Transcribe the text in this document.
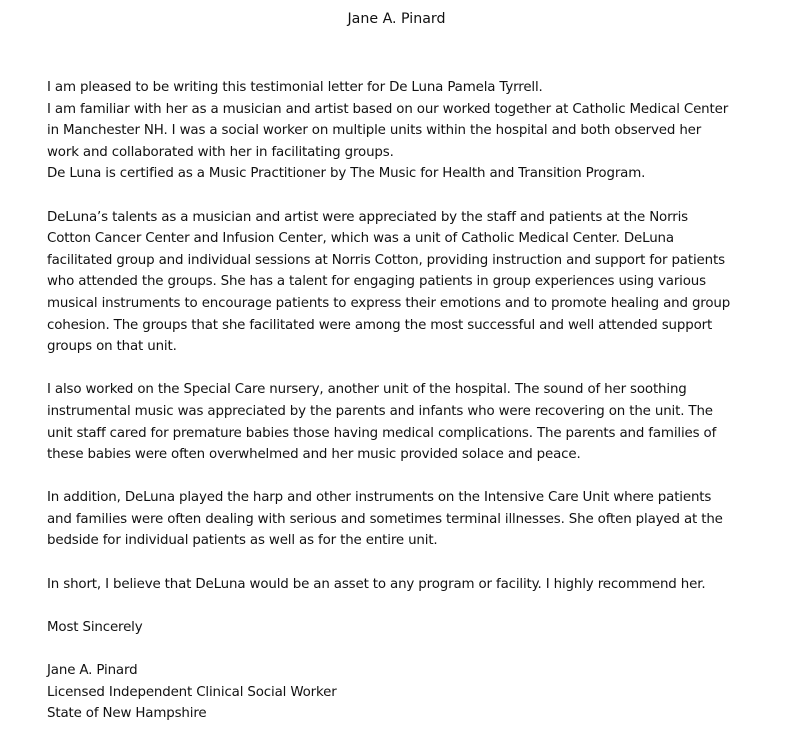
Jane A. Pinard
I am pleased to be writing this testimonial letter for De Luna Pamela Tyrrell.
I am familiar with her as a musician and artist based on our worked together at Catholic Medical Center
in Manchester NH. I was a social worker on multiple units within the hospital and both observed her
work and collaborated with her in facilitating groups.
De Luna is certified as a Music Practitioner by The Music for Health and Transition Program.
DeLuna’s talents as a musician and artist were appreciated by the staff and patients at the Norris
Cotton Cancer Center and Infusion Center, which was a unit of Catholic Medical Center. DeLuna
facilitated group and individual sessions at Norris Cotton, providing instruction and support for patients
who attended the groups. She has a talent for engaging patients in group experiences using various
musical instruments to encourage patients to express their emotions and to promote healing and group
cohesion. The groups that she facilitated were among the most successful and well attended support
groups on that unit.
I also worked on the Special Care nursery, another unit of the hospital. The sound of her soothing
instrumental music was appreciated by the parents and infants who were recovering on the unit. The
unit staff cared for premature babies those having medical complications. The parents and families of
these babies were often overwhelmed and her music provided solace and peace.
In addition, DeLuna played the harp and other instruments on the Intensive Care Unit where patients
and families were often dealing with serious and sometimes terminal illnesses. She often played at the
bedside for individual patients as well as for the entire unit.
In short, I believe that DeLuna would be an asset to any program or facility. I highly recommend her.
Most Sincerely
Jane A. Pinard
Licensed Independent Clinical Social Worker
State of New Hampshire
